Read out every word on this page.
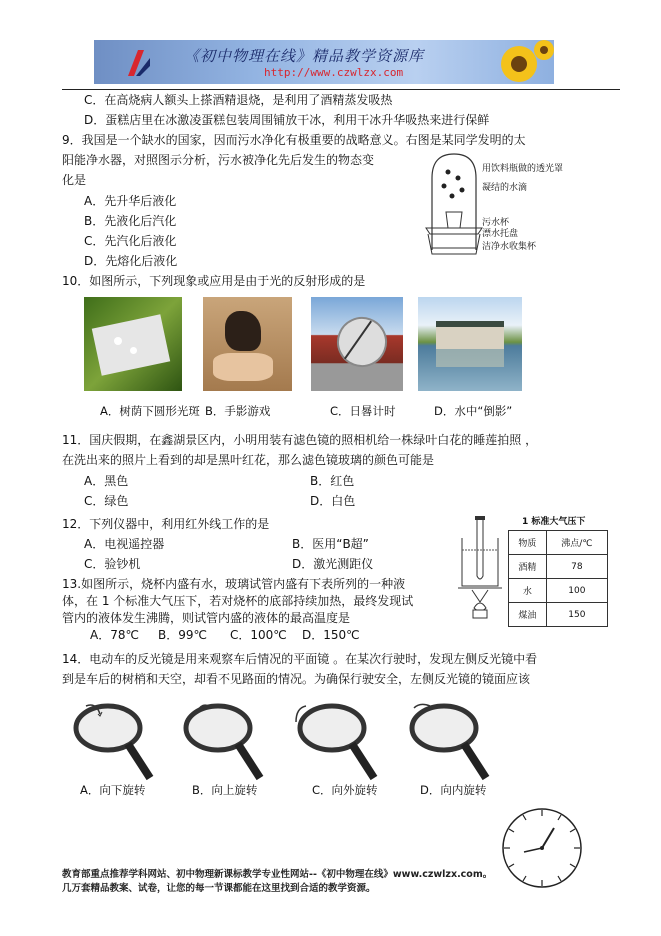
《初中物理在线》精品教学资源库
http://www.czwlzx.com
C．在高烧病人额头上搽酒精退烧，是利用了酒精蒸发吸热
D．蛋糕店里在冰激凌蛋糕包装周围铺放干冰，利用干冰升华吸热来进行保鲜
9．我国是一个缺水的国家，因而污水净化有极重要的战略意义。右图是某同学发明的太
阳能净水器，对照图示分析，污水被净化先后发生的物态变
化是
A．先升华后液化
B．先液化后汽化
C．先汽化后液化
D．先熔化后液化
用饮料瓶做的透光罩
凝结的水滴
污水杯
漂水托盘
洁净水收集杯
10．如图所示，下列现象或应用是由于光的反射形成的是
A．树荫下圆形光斑 B．手影游戏	C．日晷计时	D．水中“倒影”
11．国庆假期，在鑫湖景区内，小明用装有滤色镜的照相机给一株绿叶白花的睡莲拍照 ，
在洗出来的照片上看到的却是黑叶红花，那么滤色镜玻璃的颜色可能是
A．黑色	B．红色
C．绿色	D．白色
12．下列仪器中，利用红外线工作的是
A．电视遥控器	B．医用“B超”
C．验钞机	D．激光测距仪
13.如图所示，烧杯内盛有水，玻璃试管内盛有下表所列的一种液
体，在 1 个标准大气压下，若对烧杯的底部持续加热，最终发现试
管内的液体发生沸腾，则试管内盛的液体的最高温度是
A．78℃ B．99℃ C．100℃ D．150℃
1 标准大气压下
物质	沸点/℃
酒精	78
水	100
煤油	150
14．电动车的反光镜是用来观察车后情况的平面镜 。在某次行驶时，发现左侧反光镜中看
到是车后的树梢和天空，却看不见路面的情况。为确保行驶安全，左侧反光镜的镜面应该
A．向下旋转	B．向上旋转	C．向外旋转	D．向内旋转
教育部重点推荐学科网站、初中物理新课标教学专业性网站--《初中物理在线》www.czwlzx.com。
几万套精品教案、试卷，让您的每一节课都能在这里找到合适的教学资源。
